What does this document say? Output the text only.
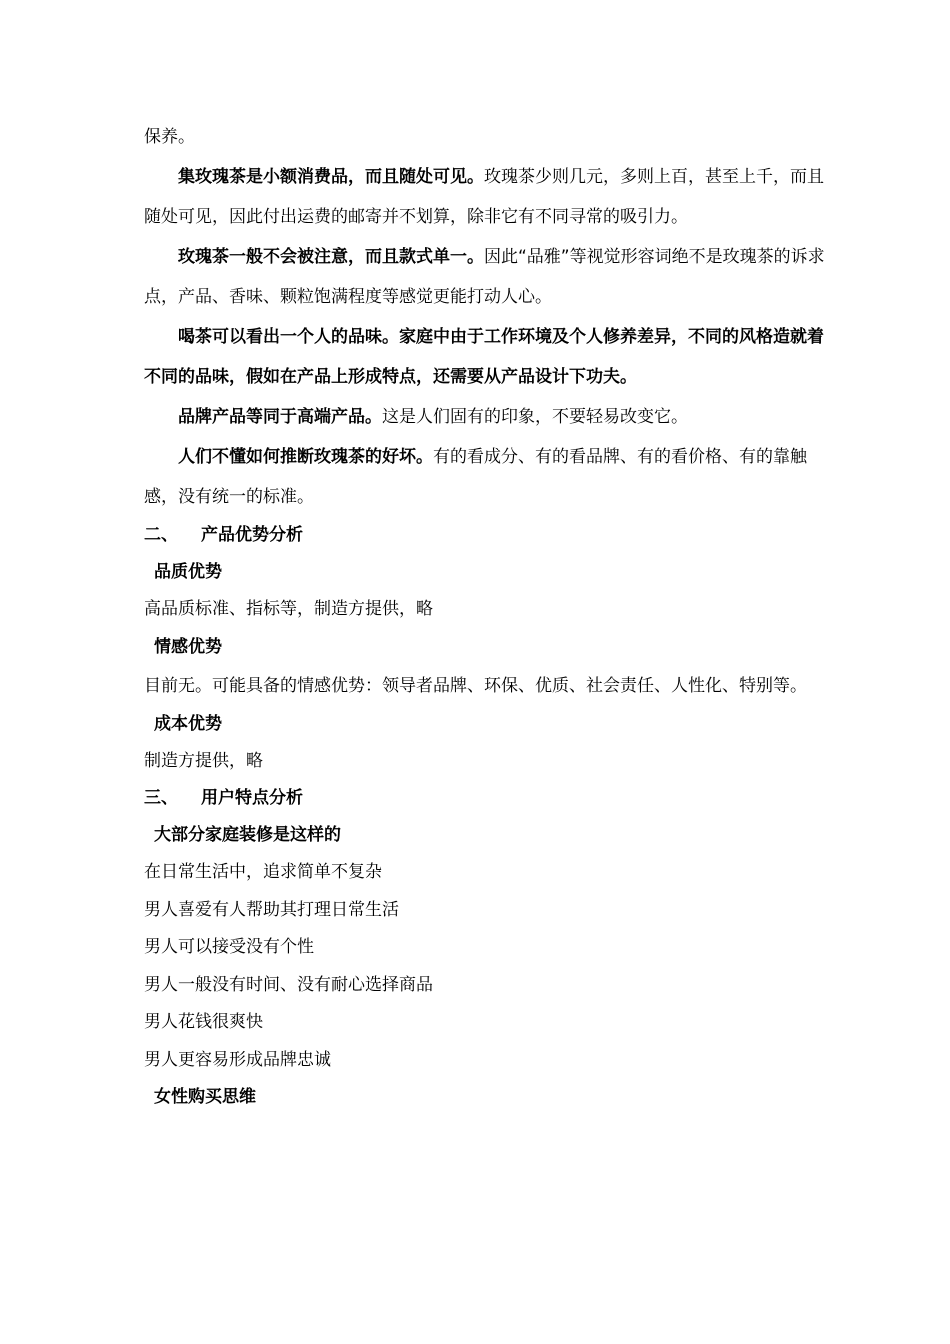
保养。

集玫瑰茶是小额消费品，而且随处可见。玫瑰茶少则几元，多则上百，甚至上千，而且随处可见，因此付出运费的邮寄并不划算，除非它有不同寻常的吸引力。

玫瑰茶一般不会被注意，而且款式单一。因此“品雅”等视觉形容词绝不是玫瑰茶的诉求点，产品、香味、颗粒饱满程度等感觉更能打动人心。

喝茶可以看出一个人的品味。家庭中由于工作环境及个人修养差异，不同的风格造就着不同的品味，假如在产品上形成特点，还需要从产品设计下功夫。

品牌产品等同于高端产品。这是人们固有的印象，不要轻易改变它。

人们不懂如何推断玫瑰茶的好坏。有的看成分、有的看品牌、有的看价格、有的靠触感，没有统一的标准。

二、 产品优势分析

品质优势

高品质标准、指标等，制造方提供，略

情感优势

目前无。可能具备的情感优势：领导者品牌、环保、优质、社会责任、人性化、特别等。

成本优势

制造方提供，略

三、 用户特点分析

大部分家庭装修是这样的

在日常生活中，追求简单不复杂

男人喜爱有人帮助其打理日常生活

男人可以接受没有个性

男人一般没有时间、没有耐心选择商品

男人花钱很爽快

男人更容易形成品牌忠诚

女性购买思维
